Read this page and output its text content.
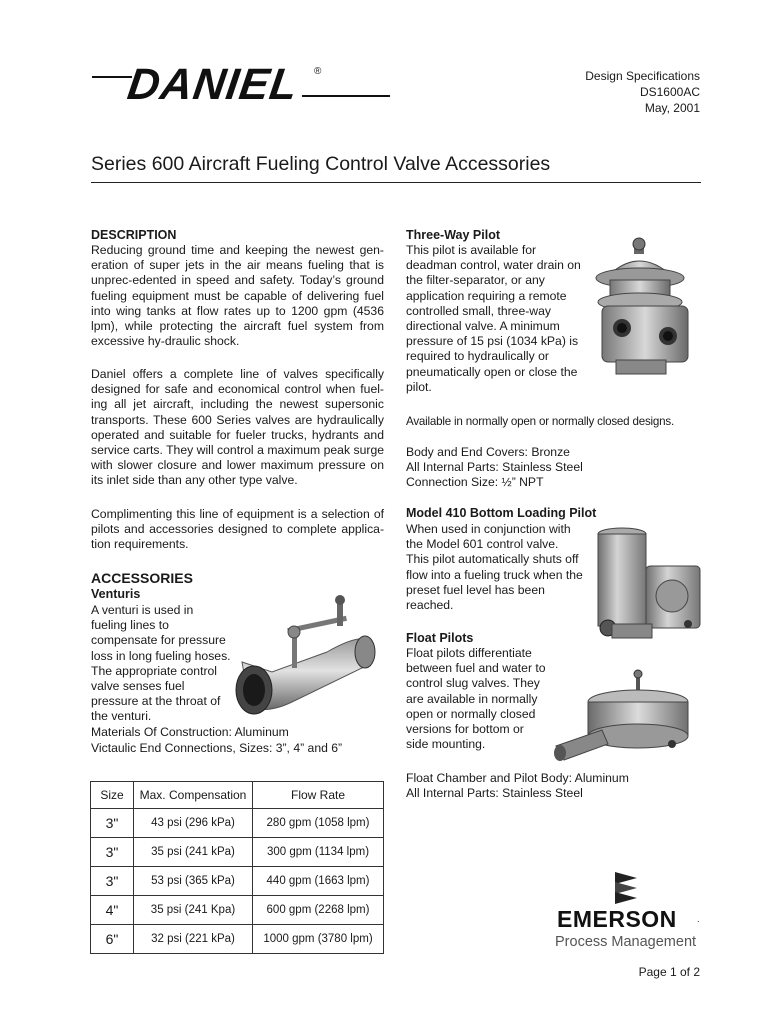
DANIEL ®	Design Specifications
DS1600AC
May, 2001
Series 600 Aircraft Fueling Control Valve Accessories
DESCRIPTION
Reducing ground time and keeping the newest gen-eration of super jets in the air means fueling that is unprec-edented in speed and safety. Today’s ground fueling equipment must be capable of delivering fuel into wing tanks at flow rates up to 1200 gpm (4536 lpm), while protecting the aircraft fuel system from excessive hy-draulic shock.
Daniel offers a complete line of valves specifically designed for safe and economical control when fuel-ing all jet aircraft, including the newest supersonic transports. These 600 Series valves are hydraulically operated and suitable for fueler trucks, hydrants and service carts. They will control a maximum peak surge with slower closure and lower maximum pressure on its inlet side than any other type valve.
Complimenting this line of equipment is a selection of pilots and accessories designed to complete applica-tion requirements.
ACCESSORIES
Venturis
A venturi is used in
fueling lines to
compensate for pressure
loss in long fueling hoses.
The appropriate control
valve senses fuel
pressure at the throat of
the venturi.
Materials Of Construction: Aluminum
Victaulic End Connections, Sizes: 3”, 4” and 6”
Size	Max. Compensation	Flow Rate
3"	43 psi (296 kPa)	280 gpm (1058 lpm)
3"	35 psi (241 kPa)	300 gpm (1134 lpm)
3"	53 psi (365 kPa)	440 gpm (1663 lpm)
4"	35 psi (241 Kpa)	600 gpm (2268 lpm)
6"	32 psi (221 kPa)	1000 gpm (3780 lpm)
Three-Way Pilot
This pilot is available for
deadman control, water drain on
the filter-separator, or any
application requiring a remote
controlled small, three-way
directional valve. A minimum
pressure of 15 psi (1034 kPa) is
required to hydraulically or
pneumatically open or close the
pilot.
Available in normally open or normally closed designs.
Body and End Covers: Bronze
All Internal Parts: Stainless Steel
Connection Size: ½” NPT
Model 410 Bottom Loading Pilot
When used in conjunction with
the Model 601 control valve.
This pilot automatically shuts off
flow into a fueling truck when the
preset fuel level has been
reached.
Float Pilots
Float pilots differentiate
between fuel and water to
control slug valves. They
are available in normally
open or normally closed
versions for bottom or
side mounting.
Float Chamber and Pilot Body: Aluminum
All Internal Parts: Stainless Steel
EMERSON .
Process Management
Page 1 of 2
